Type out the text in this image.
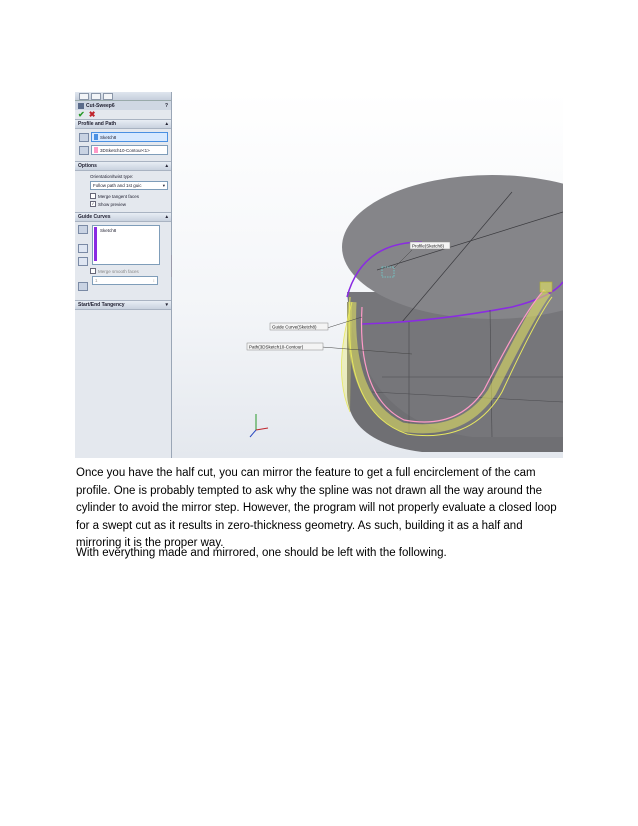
Cut-Sweep6	?
✔ ✖
Profile and Path	▴
Sketch8
3DSketch10-Contour<1>
Options	▴
Orientation/twist type:
Follow path and 1st guic	▾
Merge tangent faces
✓ Show preview
Guide Curves	▴
Sketch8
Merge smooth faces
1	↕
Start/End Tangency	▾
Profile(Sketch8)
Guide Curve(Sketch8)
Path(3DSketch10-Contour)

Once you have the half cut, you can mirror the feature to get a full encirclement of the cam profile. One is probably tempted to ask why the spline was not drawn all the way around the cylinder to avoid the mirror step. However, the program will not properly evaluate a closed loop for a swept cut as it results in zero-thickness geometry. As such, building it as a half and mirroring it is the proper way.

With everything made and mirrored, one should be left with the following.
